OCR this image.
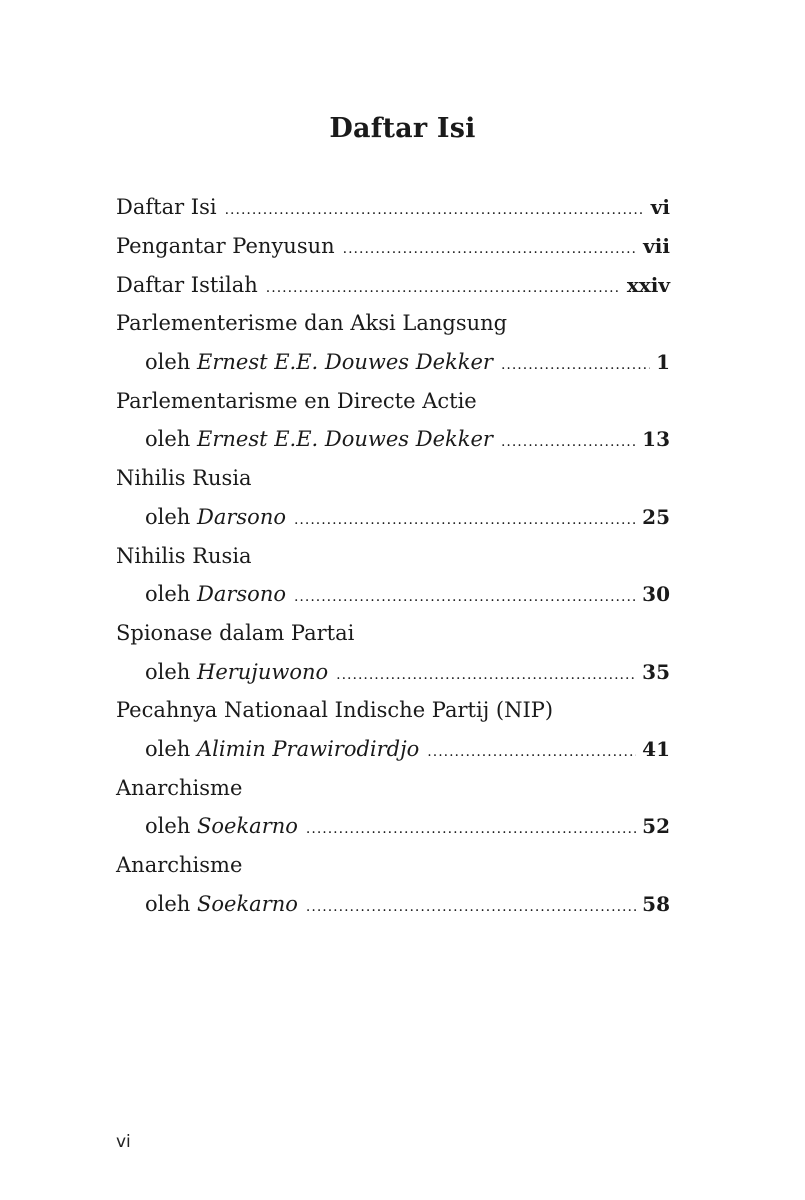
Daftar Isi
Daftar Isi .....	vi
Pengantar Penyusun .....	vii
Daftar Istilah .....	xxiv
Parlementerisme dan Aksi Langsung
oleh Ernest E.E. Douwes Dekker .....	1
Parlementarisme en Directe Actie
oleh Ernest E.E. Douwes Dekker .....	13
Nihilis Rusia
oleh Darsono .....	25
Nihilis Rusia
oleh Darsono .....	30
Spionase dalam Partai
oleh Herujuwono .....	35
Pecahnya Nationaal Indische Partij (NIP)
oleh Alimin Prawirodirdjo .....	41
Anarchisme
oleh Soekarno .....	52
Anarchisme
oleh Soekarno .....	58
vi
